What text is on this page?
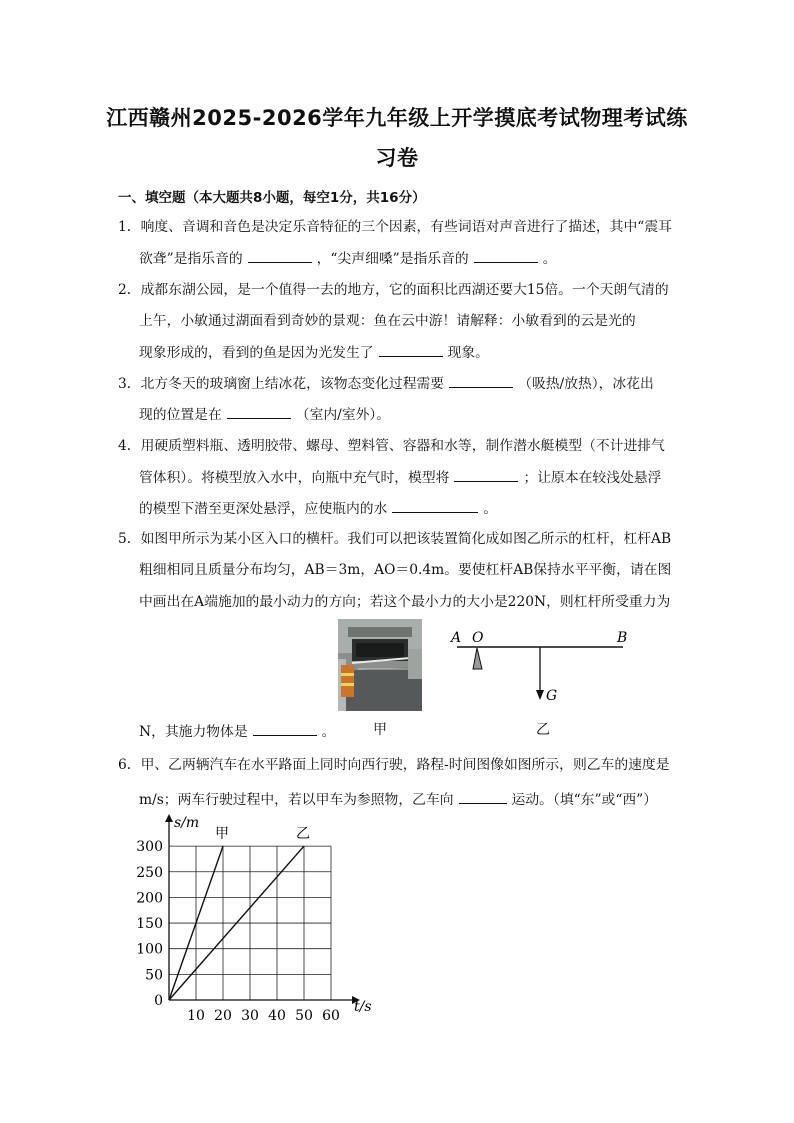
江西赣州2025-2026学年九年级上开学摸底考试物理考试练
习卷
一、填空题（本大题共8小题，每空1分，共16分）
1．响度、音调和音色是决定乐音特征的三个因素，有些词语对声音进行了描述，其中“震耳
欲聋”是指乐音的	，“尖声细嗓”是指乐音的	。
2．成都东湖公园，是一个值得一去的地方，它的面积比西湖还要大15倍。一个天朗气清的
上午，小敏通过湖面看到奇妙的景观：鱼在云中游！请解释：小敏看到的云是光的
现象形成的，看到的鱼是因为光发生了	现象。
3．北方冬天的玻璃窗上结冰花，该物态变化过程需要	（吸热/放热），冰花出
现的位置是在	（室内/室外）。
4．用硬质塑料瓶、透明胶带、螺母、塑料管、容器和水等，制作潜水艇模型（不计进排气
管体积）。将模型放入水中，向瓶中充气时，模型将	；让原本在较浅处悬浮
的模型下潜至更深处悬浮，应使瓶内的水	。
5．如图甲所示为某小区入口的横杆。我们可以把该装置简化成如图乙所示的杠杆，杠杆AB
粗细相同且质量分布均匀，AB＝3m，AO＝0.4m。要使杠杆AB保持水平平衡，请在图
中画出在A端施加的最小动力的方向；若这个最小力的大小是220N，则杠杆所受重力为
A O	B
G
甲	乙
N，其施力物体是	。
6．甲、乙两辆汽车在水平路面上同时向西行驶，路程-时间图像如图所示，则乙车的速度是
m/s；两车行驶过程中，若以甲车为参照物，乙车向	运动。（填“东”或“西”）
10 20 30 40 50 60
0
50
100
150
200
250
300
s/m
t/s
甲	乙
